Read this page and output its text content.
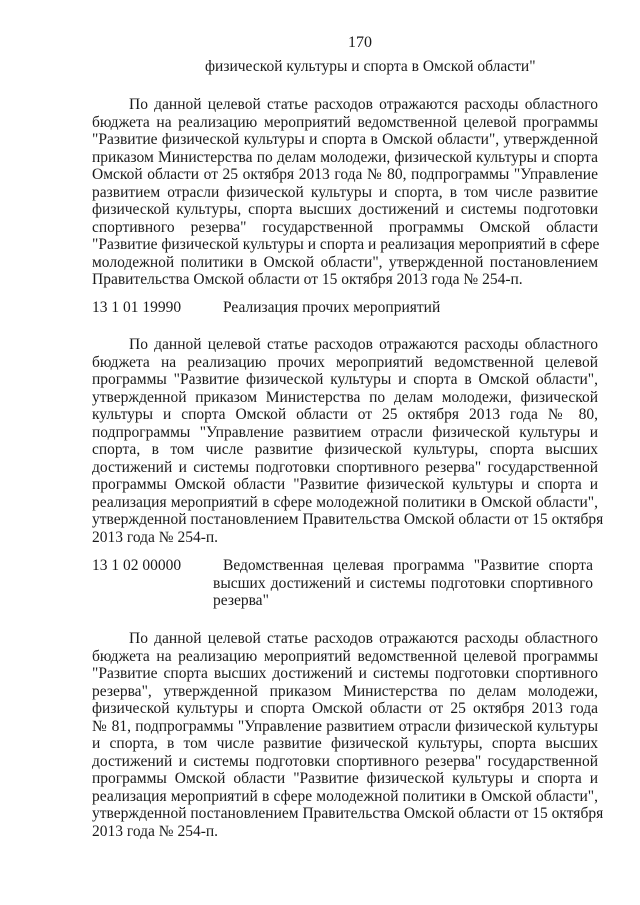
170
физической культуры и спорта в Омской области"
По данной целевой статье расходов отражаются расходы областного
бюджета на реализацию мероприятий ведомственной целевой программы
"Развитие физической культуры и спорта в Омской области", утвержденной
приказом Министерства по делам молодежи, физической культуры и спорта
Омской области от 25 октября 2013 года № 80, подпрограммы "Управление
развитием отрасли физической культуры и спорта, в том числе развитие
физической культуры, спорта высших достижений и системы подготовки
спортивного резерва" государственной программы Омской области
"Развитие физической культуры и спорта и реализация мероприятий в сфере
молодежной политики в Омской области", утвержденной постановлением
Правительства Омской области от 15 октября 2013 года № 254-п.
13 1 01 19990	Реализация прочих мероприятий
По данной целевой статье расходов отражаются расходы областного
бюджета на реализацию прочих мероприятий ведомственной целевой
программы "Развитие физической культуры и спорта в Омской области",
утвержденной приказом Министерства по делам молодежи, физической
культуры и спорта Омской области от 25 октября 2013 года № 80,
подпрограммы "Управление развитием отрасли физической культуры и
спорта, в том числе развитие физической культуры, спорта высших
достижений и системы подготовки спортивного резерва" государственной
программы Омской области "Развитие физической культуры и спорта и
реализация мероприятий в сфере молодежной политики в Омской области",
утвержденной постановлением Правительства Омской области от 15 октября
2013 года № 254-п.
13 1 02 00000	Ведомственная целевая программа "Развитие спорта
высших достижений и системы подготовки спортивного
резерва"
По данной целевой статье расходов отражаются расходы областного
бюджета на реализацию мероприятий ведомственной целевой программы
"Развитие спорта высших достижений и системы подготовки спортивного
резерва", утвержденной приказом Министерства по делам молодежи,
физической культуры и спорта Омской области от 25 октября 2013 года
№ 81, подпрограммы "Управление развитием отрасли физической культуры
и спорта, в том числе развитие физической культуры, спорта высших
достижений и системы подготовки спортивного резерва" государственной
программы Омской области "Развитие физической культуры и спорта и
реализация мероприятий в сфере молодежной политики в Омской области",
утвержденной постановлением Правительства Омской области от 15 октября
2013 года № 254-п.
